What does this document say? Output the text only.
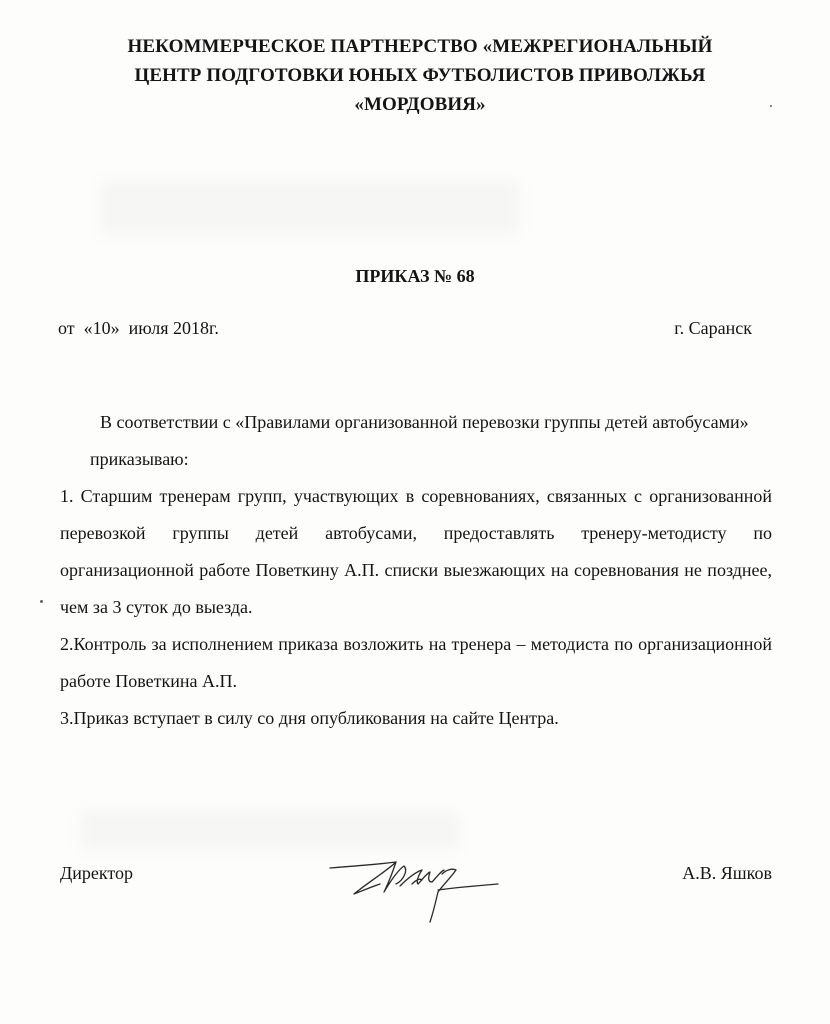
НЕКОММЕРЧЕСКОЕ ПАРТНЕРСТВО «МЕЖРЕГИОНАЛЬНЫЙ
ЦЕНТР ПОДГОТОВКИ ЮНЫХ ФУТБОЛИСТОВ ПРИВОЛЖЬЯ
«МОРДОВИЯ»
ПРИКАЗ № 68
от  «10»  июля 2018г.	г. Саранск

В соответствии с «Правилами организованной перевозки группы детей автобусами»

приказываю:

1. Старшим тренерам групп, участвующих в соревнованиях, связанных с организованной перевозкой группы детей автобусами, предоставлять тренеру-методисту по организационной работе Поветкину А.П. списки выезжающих на соревнования не позднее, чем за 3 суток до выезда.

2.Контроль за исполнением приказа возложить на тренера – методиста по организационной работе Поветкина А.П.

3.Приказ вступает в силу со дня опубликования на сайте Центра.

Директор	А.В. Яшков
